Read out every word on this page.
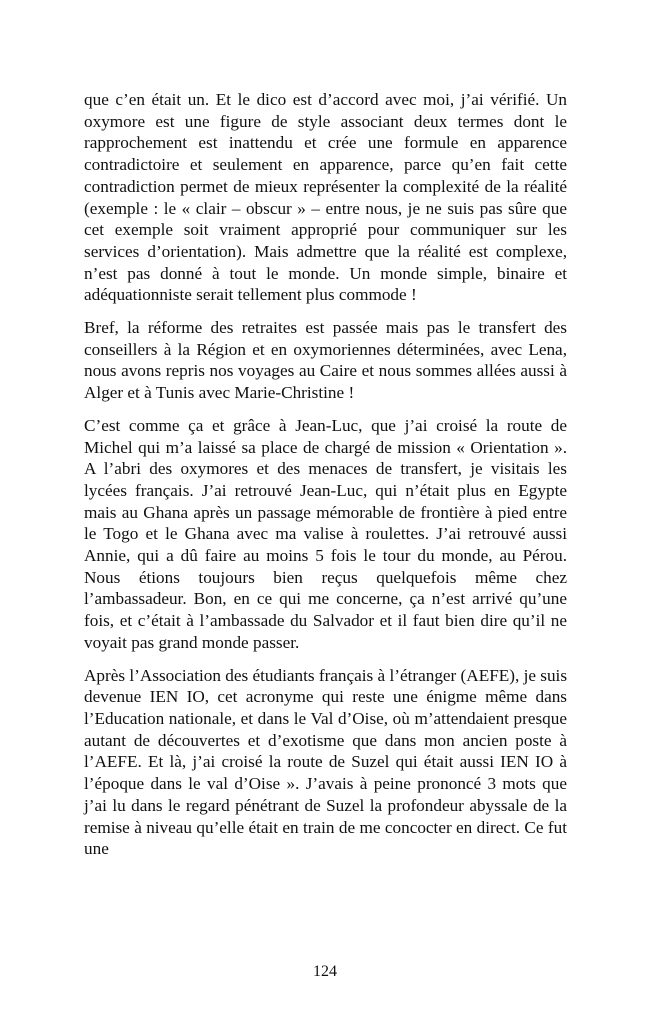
que c’en était un. Et le dico est d’accord avec moi, j’ai vérifié. Un oxymore est une figure de style associant deux termes dont le rapprochement est inattendu et crée une formule en apparence contradictoire et seulement en apparence, parce qu’en fait cette contradiction permet de mieux représenter la complexité de la réalité (exemple : le « clair – obscur » – entre nous, je ne suis pas sûre que cet exemple soit vraiment approprié pour communiquer sur les services d’orientation). Mais admettre que la réalité est complexe, n’est pas donné à tout le monde. Un monde simple, binaire et adéquationniste serait tellement plus commode !

Bref, la réforme des retraites est passée mais pas le transfert des conseillers à la Région et en oxymoriennes déterminées, avec Lena, nous avons repris nos voyages au Caire et nous sommes allées aussi à Alger et à Tunis avec Marie-Christine !

C’est comme ça et grâce à Jean-Luc, que j’ai croisé la route de Michel qui m’a laissé sa place de chargé de mission « Orientation ». A l’abri des oxymores et des menaces de transfert, je visitais les lycées français. J’ai retrouvé Jean-Luc, qui n’était plus en Egypte mais au Ghana après un passage mémorable de frontière à pied entre le Togo et le Ghana avec ma valise à roulettes. J’ai retrouvé aussi Annie, qui a dû faire au moins 5 fois le tour du monde, au Pérou. Nous étions toujours bien reçus quelquefois même chez l’ambassadeur. Bon, en ce qui me concerne, ça n’est arrivé qu’une fois, et c’était à l’ambassade du Salvador et il faut bien dire qu’il ne voyait pas grand monde passer.

Après l’Association des étudiants français à l’étranger (AEFE), je suis devenue IEN IO, cet acronyme qui reste une énigme même dans l’Education nationale, et dans le Val d’Oise, où m’attendaient presque autant de découvertes et d’exotisme que dans mon ancien poste à l’AEFE. Et là, j’ai croisé la route de Suzel qui était aussi IEN IO à l’époque dans le val d’Oise ». J’avais à peine prononcé 3 mots que j’ai lu dans le regard pénétrant de Suzel la profondeur abyssale de la remise à niveau qu’elle était en train de me concocter en direct. Ce fut une

124
